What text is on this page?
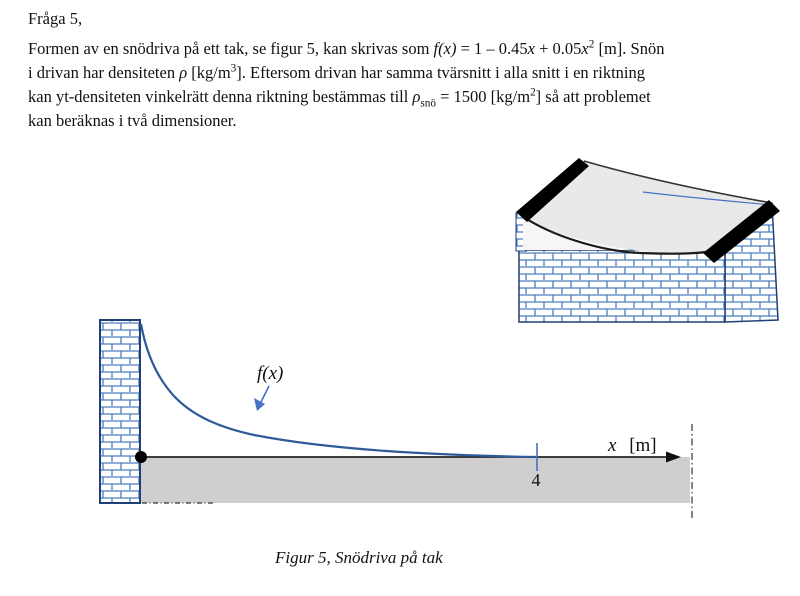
Fråga 5,
Formen av en snödriva på ett tak, se figur 5, kan skrivas som $f(x) = 1 - 0.45x + 0.05x^2$ [m]. Snön
i drivan har densiteten ρ $[kg/m^3]$. Eftersom drivan har samma tvärsnitt i alla snitt i en riktning
kan yt-densiteten vinkelrätt denna riktning bestämmas till $\rho_{snö} = 1500$ $[kg/m^2]$ så att problemet
kan beräknas i två dimensioner.
4
f(x)
x [m]
Figur 5, Snödriva på tak
